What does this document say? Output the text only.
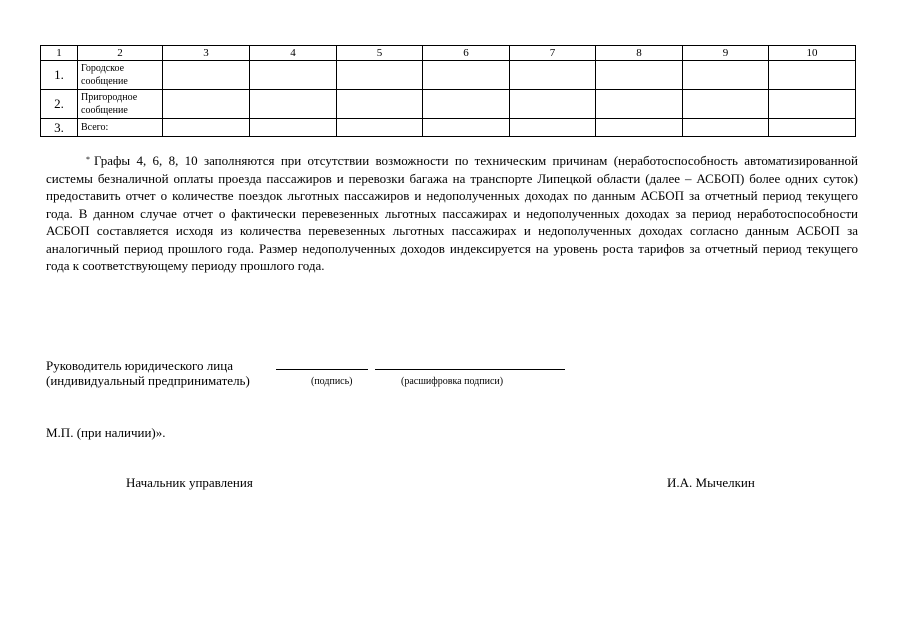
1	2	3	4	5	6	7	8	9	10
1.	Городское сообщение								
2.	Пригородное сообщение								
3.	Всего:								
* Графы 4, 6, 8, 10 заполняются при отсутствии возможности по техническим причинам (неработоспособность автоматизированной системы безналичной оплаты проезда пассажиров и перевозки багажа на транспорте Липецкой области (далее – АСБОП) более одних суток) предоставить отчет о количестве поездок льготных пассажиров и недополученных доходах по данным АСБОП за отчетный период текущего года. В данном случае отчет о фактически перевезенных льготных пассажирах и недополученных доходах за период неработоспособности АСБОП составляется исходя из количества перевезенных льготных пассажирах и недополученных доходах согласно данным АСБОП за аналогичный период прошлого года. Размер недополученных доходов индексируется на уровень роста тарифов за отчетный период текущего года к соответствующему периоду прошлого года.
Руководитель юридического лица
(индивидуальный предприниматель)	(подпись)	(расшифровка подписи)
М.П. (при наличии)».
Начальник управления	И.А. Мычелкин
